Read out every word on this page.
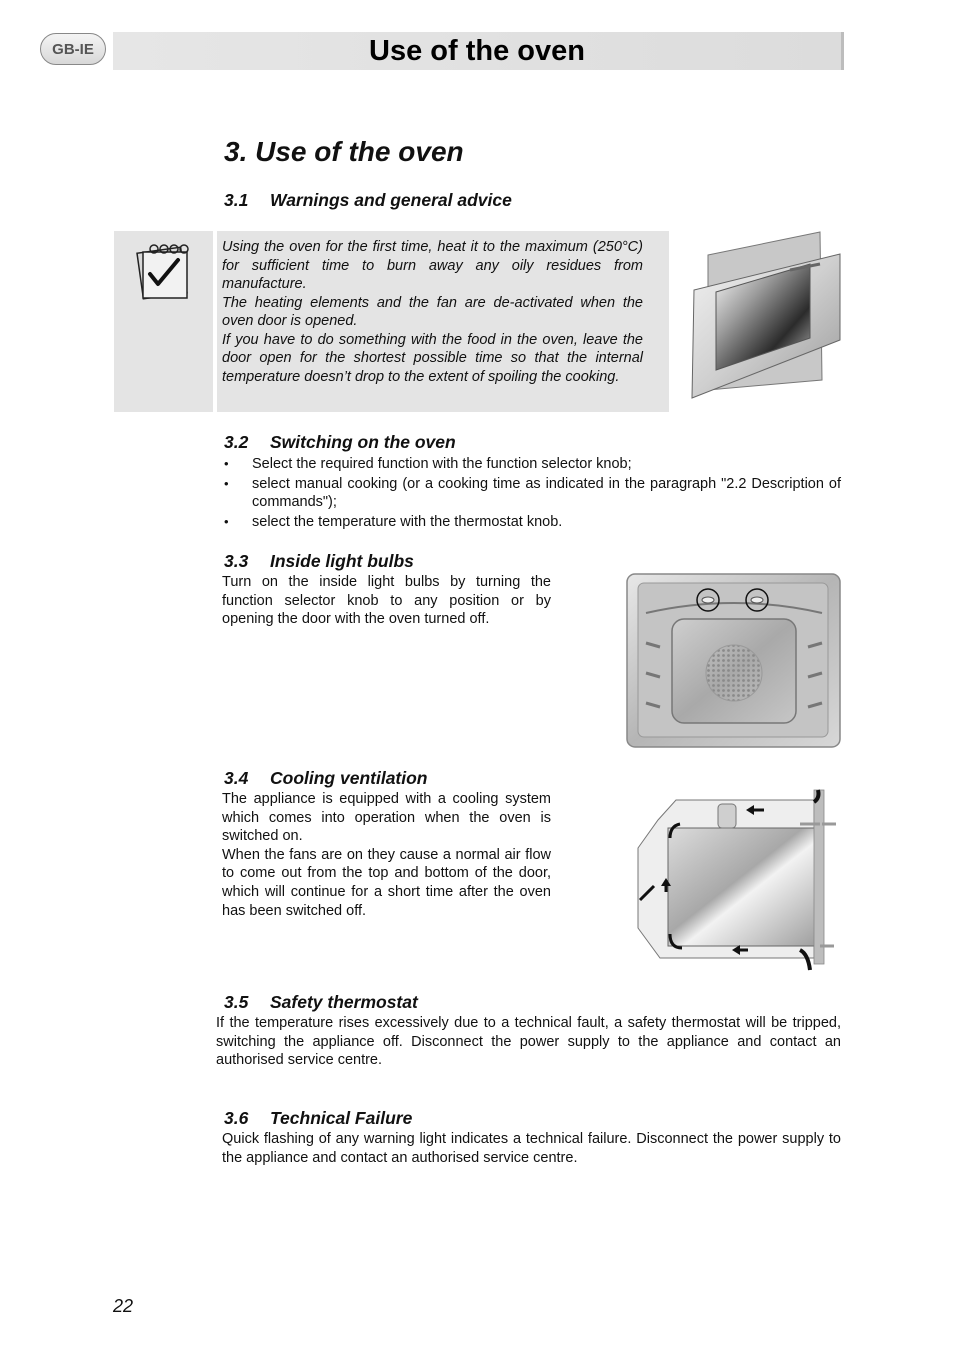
GB-IE	Use of the oven
3. Use of the oven
3.1 Warnings and general advice

Using the oven for the first time, heat it to the maximum (250°C) for sufficient time to burn away any oily residues from manufacture.

The heating elements and the fan are de-activated when the oven door is opened.

If you have to do something with the food in the oven, leave the door open for the shortest possible time so that the internal temperature doesn’t drop to the extent of spoiling the cooking.

3.2 Switching on the oven
• Select the required function with the function selector knob;
• select manual cooking (or a cooking time as indicated in the paragraph "2.2 Description of commands");
• select the temperature with the thermostat knob.
3.3 Inside light bulbs

Turn on the inside light bulbs by turning the function selector knob to any position or by opening the door with the oven turned off.

3.4 Cooling ventilation

The appliance is equipped with a cooling system which comes into operation when the oven is switched on.

When the fans are on they cause a normal air flow to come out from the top and bottom of the door, which will continue for a short time after the oven has been switched off.

3.5 Safety thermostat

If the temperature rises excessively due to a technical fault, a safety thermostat will be tripped, switching the appliance off. Disconnect the power supply to the appliance and contact an authorised service centre.

3.6 Technical Failure

Quick flashing of any warning light indicates a technical failure. Disconnect the power supply to the appliance and contact an authorised service centre.

22
